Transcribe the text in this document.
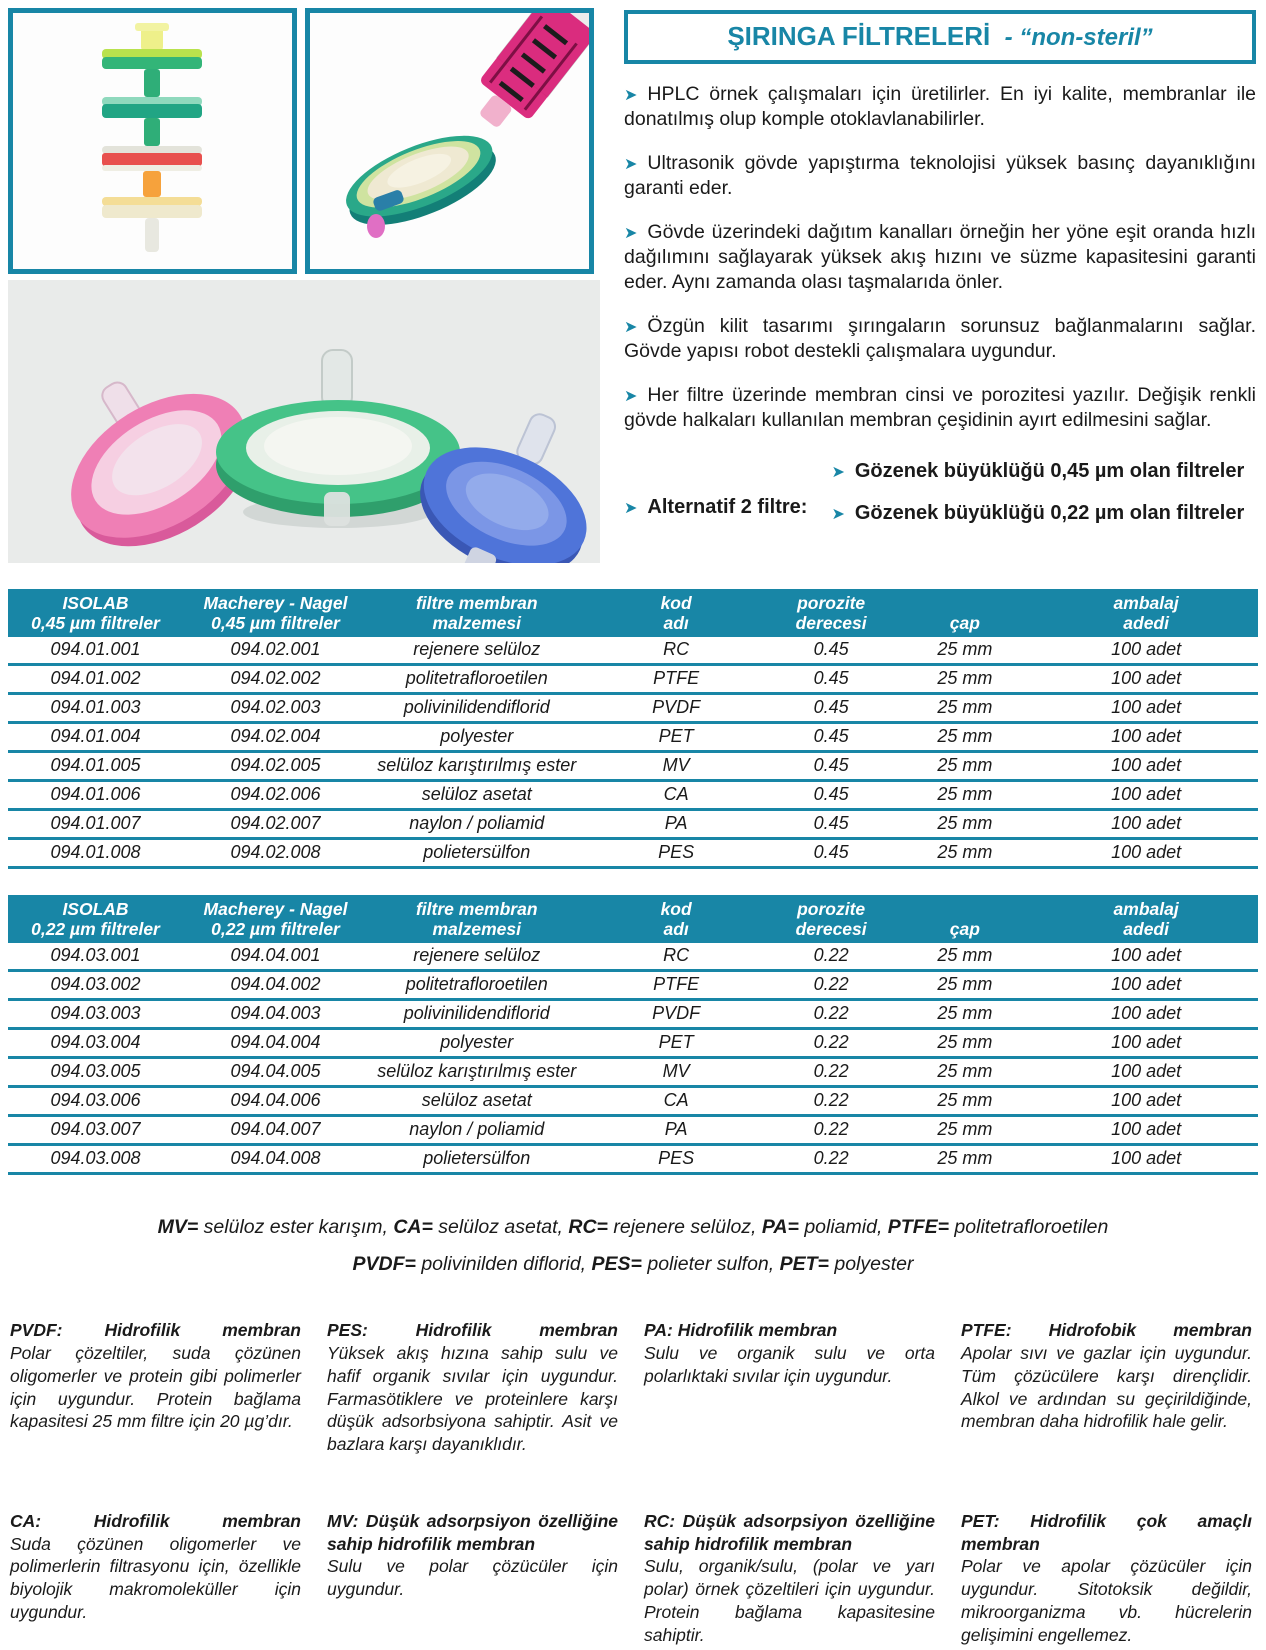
ŞIRINGA FİLTRELERİ - “non-steril”

➤ HPLC örnek çalışmaları için üretilirler. En iyi kalite, membranlar ile donatılmış olup komple otoklavlanabilirler.

➤ Ultrasonik gövde yapıştırma teknolojisi yüksek basınç dayanıklığını garanti eder.

➤ Gövde üzerindeki dağıtım kanalları örneğin her yöne eşit oranda hızlı dağılımını sağlayarak yüksek akış hızını ve süzme kapasitesini garanti eder. Aynı zamanda olası taşmalarıda önler.

➤ Özgün kilit tasarımı şırıngaların sorunsuz bağlanmalarını sağlar. Gövde yapısı robot destekli çalışmalara uygundur.

➤ Her filtre üzerinde membran cinsi ve porozitesi yazılır. Değişik renkli gövde halkaları kullanılan membran çeşidinin ayırt edilmesini sağlar.

➤ Alternatif 2 filtre:
➤ Gözenek büyüklüğü 0,45 µm olan filtreler
➤ Gözenek büyüklüğü 0,22 µm olan filtreler
ISOLAB
0,45 µm filtreler

Macherey - Nagel
0,45 µm filtreler

filtre membran
malzemesi

kod
adı

porozite
derecesi	çap

ambalaj
adedi

094.01.001	094.02.001	rejenere selüloz	RC	0.45	25 mm	100 adet
094.01.002	094.02.002	politetrafloroetilen	PTFE	0.45	25 mm	100 adet
094.01.003	094.02.003	polivinilidendiflorid	PVDF	0.45	25 mm	100 adet
094.01.004	094.02.004	polyester	PET	0.45	25 mm	100 adet
094.01.005	094.02.005	selüloz karıştırılmış ester	MV	0.45	25 mm	100 adet
094.01.006	094.02.006	selüloz asetat	CA	0.45	25 mm	100 adet
094.01.007	094.02.007	naylon / poliamid	PA	0.45	25 mm	100 adet
094.01.008	094.02.008	polietersülfon	PES	0.45	25 mm	100 adet
ISOLAB
0,22 µm filtreler

Macherey - Nagel
0,22 µm filtreler

filtre membran
malzemesi

kod
adı

porozite
derecesi	çap

ambalaj
adedi

094.03.001	094.04.001	rejenere selüloz	RC	0.22	25 mm	100 adet
094.03.002	094.04.002	politetrafloroetilen	PTFE	0.22	25 mm	100 adet
094.03.003	094.04.003	polivinilidendiflorid	PVDF	0.22	25 mm	100 adet
094.03.004	094.04.004	polyester	PET	0.22	25 mm	100 adet
094.03.005	094.04.005	selüloz karıştırılmış ester	MV	0.22	25 mm	100 adet
094.03.006	094.04.006	selüloz asetat	CA	0.22	25 mm	100 adet
094.03.007	094.04.007	naylon / poliamid	PA	0.22	25 mm	100 adet
094.03.008	094.04.008	polietersülfon	PES	0.22	25 mm	100 adet
MV= selüloz ester karışım, CA= selüloz asetat, RC= rejenere selüloz, PA= poliamid, PTFE= politetrafloroetilen
PVDF= polivinilden diflorid, PES= polieter sulfon, PET= polyester
PVDF: Hidrofilik membran
Polar çözeltiler, suda çözünen oligomerler ve protein gibi polimerler için uygundur. Protein bağlama kapasitesi 25 mm filtre için 20 µg’dır.
PES: Hidrofilik membran
Yüksek akış hızına sahip sulu ve hafif organik sıvılar için uygundur. Farmasötiklere ve proteinlere karşı düşük adsorbsiyona sahiptir. Asit ve bazlara karşı dayanıklıdır.
PA: Hidrofilik membran
Sulu ve organik sulu ve orta polarlıktaki sıvılar için uygundur.
PTFE: Hidrofobik membran
Apolar sıvı ve gazlar için uygundur. Tüm çözücülere karşı dirençlidir. Alkol ve ardından su geçirildiğinde, membran daha hidrofilik hale gelir.
CA: Hidrofilik membran
Suda çözünen oligomerler ve polimerlerin filtrasyonu için, özellikle biyolojik makromoleküller için uygundur.
MV: Düşük adsorpsiyon özelliğine sahip hidrofilik membran
Sulu ve polar çözücüler için uygundur.
RC: Düşük adsorpsiyon özelliğine sahip hidrofilik membran
Sulu, organik/sulu, (polar ve yarı polar) örnek çözeltileri için uygundur. Protein bağlama kapasitesine sahiptir.
PET: Hidrofilik çok amaçlı membran
Polar ve apolar çözücüler için uygundur. Sitotoksik değildir, mikroorganizma vb. hücrelerin gelişimini engellemez.
